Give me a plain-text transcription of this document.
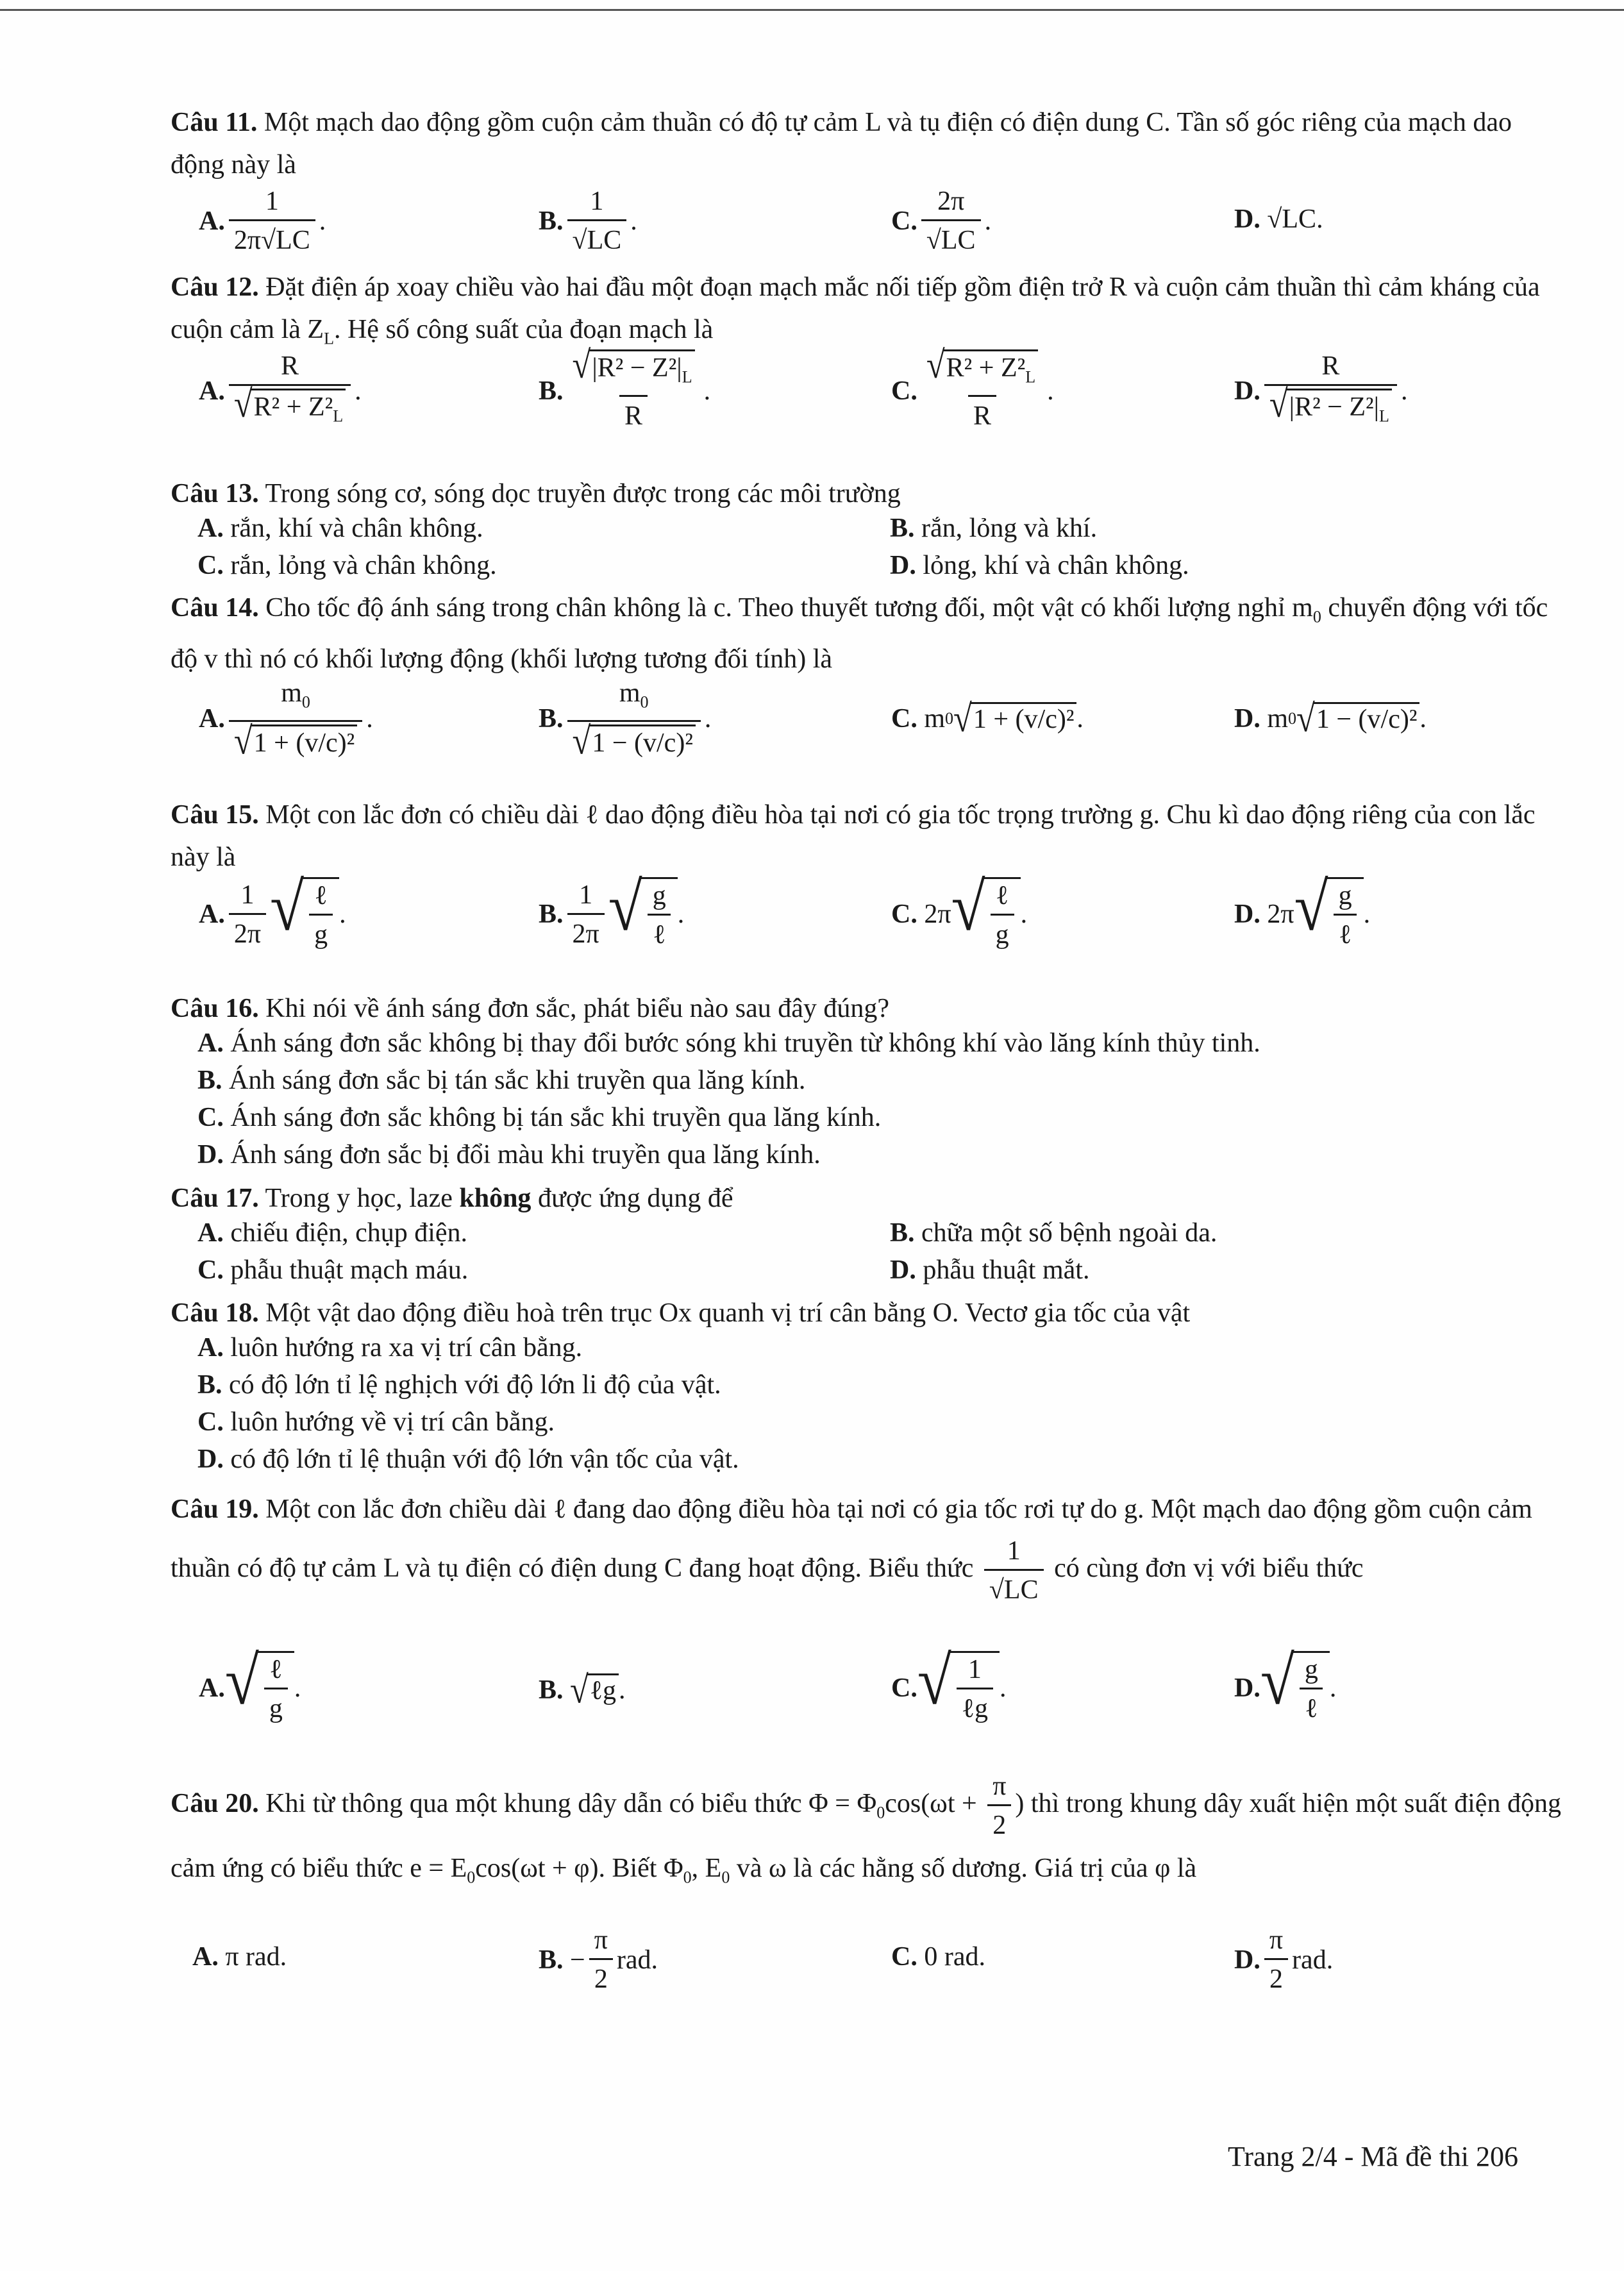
Câu 11. Một mạch dao động gồm cuộn cảm thuần có độ tự cảm L và tụ điện có điện dung C. Tần số góc riêng của mạch dao động này là
A. $\frac{1}{2\pi√LC}$ .	B. $\frac{1}{√LC}$ .	C. $\frac{2\pi}{√LC}$ .	D.
√LC.
Câu 12. Đặt điện áp xoay chiều vào hai đầu một đoạn mạch mắc nối tiếp gồm điện trở R và cuộn cảm thuần thì cảm kháng của cuộn cảm là $Z_L$. Hệ số công suất của đoạn mạch là
A. $\frac{R}{√ R^2 + Z^2_L}$ .	B. $\frac{√ |R^2 - Z^2|_L}{R}$ .	C. $\frac{√ R^2 + Z^2_L}{R}$ .	D. $\frac{R}{√ |R^2 - Z^2|_L}$ .
Câu 13. Trong sóng cơ, sóng dọc truyền được trong các môi trường
A. rắn, khí và chân không.	B. rắn, lỏng và khí.
C. rắn, lỏng và chân không.	D. lỏng, khí và chân không.
Câu 14. Cho tốc độ ánh sáng trong chân không là c. Theo thuyết tương đối, một vật có khối lượng nghỉ $m_0$ chuyển động với tốc độ v thì nó có khối lượng động (khối lượng tương đối tính) là
A. $\frac{m_0}{\text{√ 1 + (v/c)²}}$ .	B. $\frac{m_0}{\text{√ 1 − (v/c)²}}$ .	C.
m 0 √ 1 + (v/c)² .	D.
m 0 √ 1 − (v/c)² .
Câu 15. Một con lắc đơn có chiều dài ℓ dao động điều hòa tại nơi có gia tốc trọng trường g. Chu kì dao động riêng của con lắc này là
A. $\frac{1}{2\pi}$ √ $\frac{\text{ℓ}}{g}$ .	B. $\frac{1}{2\pi}$ √ $\frac{g}{\text{ℓ}}$ .	C.
2π √ $\frac{\text{ℓ}}{g}$ .	D.
2π √ $\frac{g}{\text{ℓ}}$ .
Câu 16. Khi nói về ánh sáng đơn sắc, phát biểu nào sau đây đúng?
A. Ánh sáng đơn sắc không bị thay đổi bước sóng khi truyền từ không khí vào lăng kính thủy tinh.
B. Ánh sáng đơn sắc bị tán sắc khi truyền qua lăng kính.
C. Ánh sáng đơn sắc không bị tán sắc khi truyền qua lăng kính.
D. Ánh sáng đơn sắc bị đổi màu khi truyền qua lăng kính.
Câu 17. Trong y học, laze không được ứng dụng để
A. chiếu điện, chụp điện.	B. chữa một số bệnh ngoài da.
C. phẫu thuật mạch máu.	D. phẫu thuật mắt.
Câu 18. Một vật dao động điều hoà trên trục Ox quanh vị trí cân bằng O. Vectơ gia tốc của vật
A. luôn hướng ra xa vị trí cân bằng.
B. có độ lớn tỉ lệ nghịch với độ lớn li độ của vật.
C. luôn hướng về vị trí cân bằng.
D. có độ lớn tỉ lệ thuận với độ lớn vận tốc của vật.
Câu 19. Một con lắc đơn chiều dài ℓ đang dao động điều hòa tại nơi có gia tốc rơi tự do g. Một mạch dao động gồm cuộn cảm thuần có độ tự cảm L và tụ điện có điện dung C đang hoạt động. Biểu thức $\frac{1}{√LC}$ có cùng đơn vị với biểu thức
A. √ $\frac{\text{ℓ}}{g}$ .	B.
√ ℓg .	C. √ $\frac{1}{\text{ℓg}}$ .	D. √ $\frac{g}{\text{ℓ}}$ .
Câu 20. Khi từ thông qua một khung dây dẫn có biểu thức $\Phi = \Phi_0\cos(\omega t + \frac{\pi}{2}$ ) thì trong khung dây xuất hiện một suất điện động cảm ứng có biểu thức $e = E_0\cos(\omega t + \varphi)$. Biết $\Phi_0$, $E_0$ và ω là các hằng số dương. Giá trị của φ là
A. π rad.	B.
− $\frac{\pi}{2}$ rad.	C. 0 rad.	D. $\frac{\pi}{2}$ rad.
Trang 2/4 - Mã đề thi 206
